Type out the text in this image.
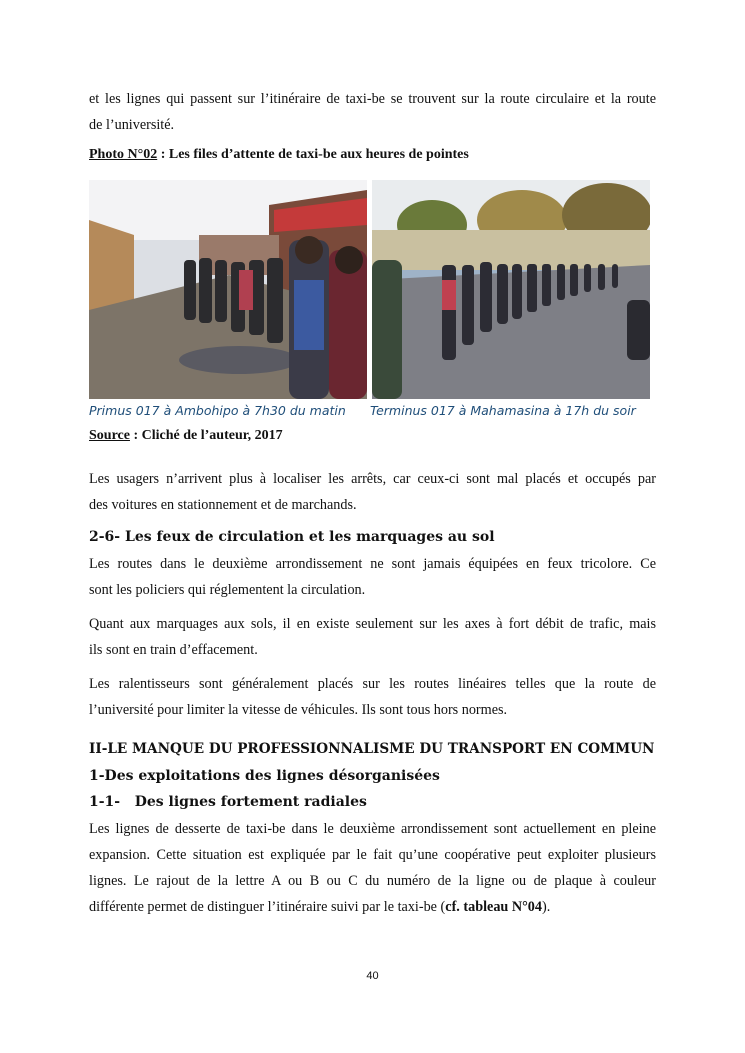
et les lignes qui passent sur l’itinéraire de taxi-be se trouvent sur la route circulaire et la route
de l’université.

Photo N°02 : Les files d’attente de taxi-be aux heures de pointes

Primus 017 à Ambohipo à 7h30 du matin Terminus 017 à Mahamasina à 17h du soir

Source : Cliché de l’auteur, 2017

Les usagers n’arrivent plus à localiser les arrêts, car ceux-ci sont mal placés et occupés par
des voitures en stationnement et de marchands.
2-6- Les feux de circulation et les marquages au sol
Les routes dans le deuxième arrondissement ne sont jamais équipées en feux tricolore. Ce
sont les policiers qui réglementent la circulation.
Quant aux marquages aux sols, il en existe seulement sur les axes à fort débit de trafic, mais
ils sont en train d’effacement.
Les ralentisseurs sont généralement placés sur les routes linéaires telles que la route de
l’université pour limiter la vitesse de véhicules. Ils sont tous hors normes.
II-LE MANQUE DU PROFESSIONNALISME DU TRANSPORT EN COMMUN
1-Des exploitations des lignes désorganisées
1-1-   Des lignes fortement radiales
Les lignes de desserte de taxi-be dans le deuxième arrondissement sont actuellement en pleine
expansion. Cette situation est expliquée par le fait qu’une coopérative peut exploiter plusieurs
lignes. Le rajout de la lettre A ou B ou C du numéro de la ligne ou de plaque à couleur
différente permet de distinguer l’itinéraire suivi par le taxi-be (cf. tableau N°04).
40
